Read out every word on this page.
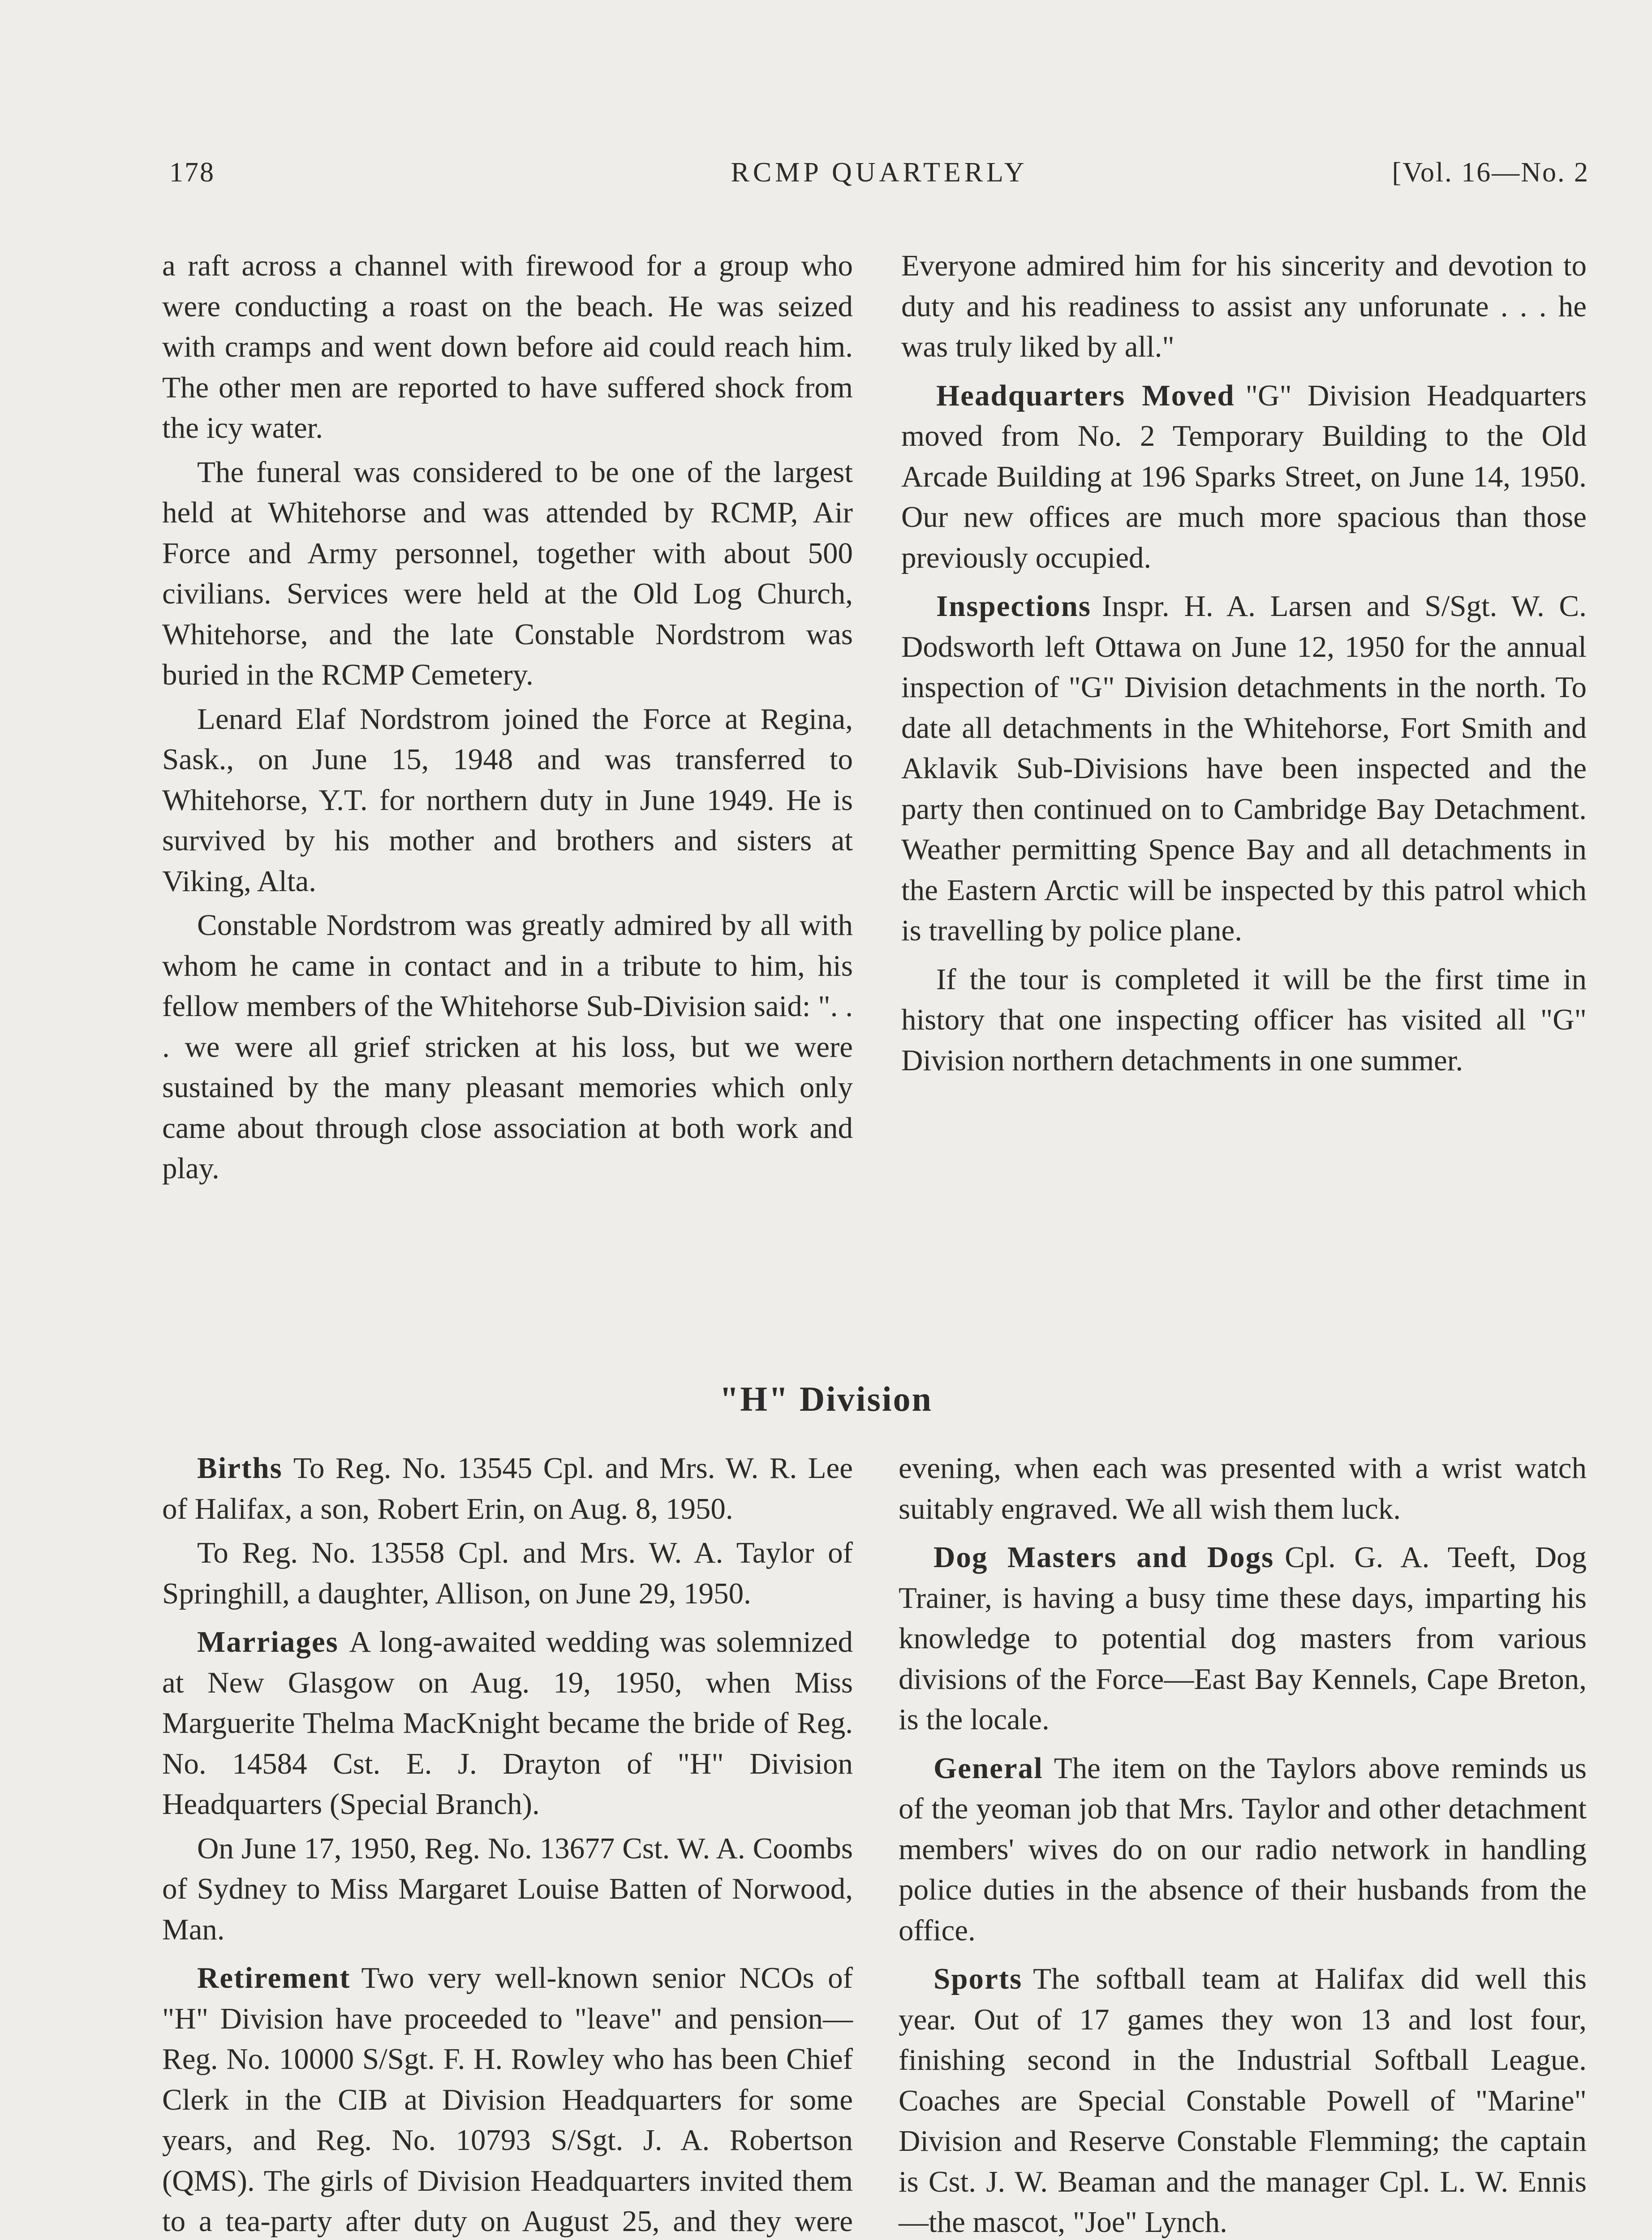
178	RCMP QUARTERLY	[Vol. 16—No. 2

a raft across a channel with firewood for a group who were conducting a roast on the beach. He was seized with cramps and went down before aid could reach him. The other men are reported to have suffered shock from the icy water.

The funeral was considered to be one of the largest held at Whitehorse and was attended by RCMP, Air Force and Army personnel, together with about 500 civilians. Services were held at the Old Log Church, Whitehorse, and the late Constable Nordstrom was buried in the RCMP Cemetery.

Lenard Elaf Nordstrom joined the Force at Regina, Sask., on June 15, 1948 and was transferred to Whitehorse, Y.T. for northern duty in June 1949. He is survived by his mother and brothers and sisters at Viking, Alta.

Constable Nordstrom was greatly admired by all with whom he came in contact and in a tribute to him, his fellow members of the Whitehorse Sub-Division said: ". . . we were all grief stricken at his loss, but we were sustained by the many pleasant memories which only came about through close association at both work and play.

Everyone admired him for his sincerity and devotion to duty and his readiness to assist any unforunate . . . he was truly liked by all."

Headquarters Moved "G" Division Headquarters moved from No. 2 Temporary Building to the Old Arcade Building at 196 Sparks Street, on June 14, 1950. Our new offices are much more spacious than those previously occupied.

Inspections Inspr. H. A. Larsen and S/Sgt. W. C. Dodsworth left Ottawa on June 12, 1950 for the annual inspection of "G" Division detachments in the north. To date all detachments in the Whitehorse, Fort Smith and Aklavik Sub-Divisions have been inspected and the party then continued on to Cambridge Bay Detachment. Weather permitting Spence Bay and all detachments in the Eastern Arctic will be inspected by this patrol which is travelling by police plane.

If the tour is completed it will be the first time in history that one inspecting officer has visited all "G" Division northern detachments in one summer.

"H" Division

Births To Reg. No. 13545 Cpl. and Mrs. W. R. Lee of Halifax, a son, Robert Erin, on Aug. 8, 1950.

To Reg. No. 13558 Cpl. and Mrs. W. A. Taylor of Springhill, a daughter, Allison, on June 29, 1950.

Marriages A long-awaited wedding was solemnized at New Glasgow on Aug. 19, 1950, when Miss Marguerite Thelma MacKnight became the bride of Reg. No. 14584 Cst. E. J. Drayton of "H" Division Headquarters (Special Branch).

On June 17, 1950, Reg. No. 13677 Cst. W. A. Coombs of Sydney to Miss Margaret Louise Batten of Norwood, Man.

Retirement Two very well-known senior NCOs of "H" Division have proceeded to "leave" and pension—Reg. No. 10000 S/Sgt. F. H. Rowley who has been Chief Clerk in the CIB at Division Headquarters for some years, and Reg. No. 10793 S/Sgt. J. A. Robertson (QMS). The girls of Division Headquarters invited them to a tea-party after duty on August 25, and they were

evening, when each was presented with a wrist watch suitably engraved. We all wish them luck.

Dog Masters and Dogs Cpl. G. A. Teeft, Dog Trainer, is having a busy time these days, imparting his knowledge to potential dog masters from various divisions of the Force—East Bay Kennels, Cape Breton, is the locale.

General The item on the Taylors above reminds us of the yeoman job that Mrs. Taylor and other detachment members' wives do on our radio network in handling police duties in the absence of their husbands from the office.

Sports The softball team at Halifax did well this year. Out of 17 games they won 13 and lost four, finishing second in the Industrial Softball League. Coaches are Special Constable Powell of "Marine" Division and Reserve Constable Flemming; the captain is Cst. J. W. Beaman and the manager Cpl. L. W. Ennis—the mascot, "Joe" Lynch.
